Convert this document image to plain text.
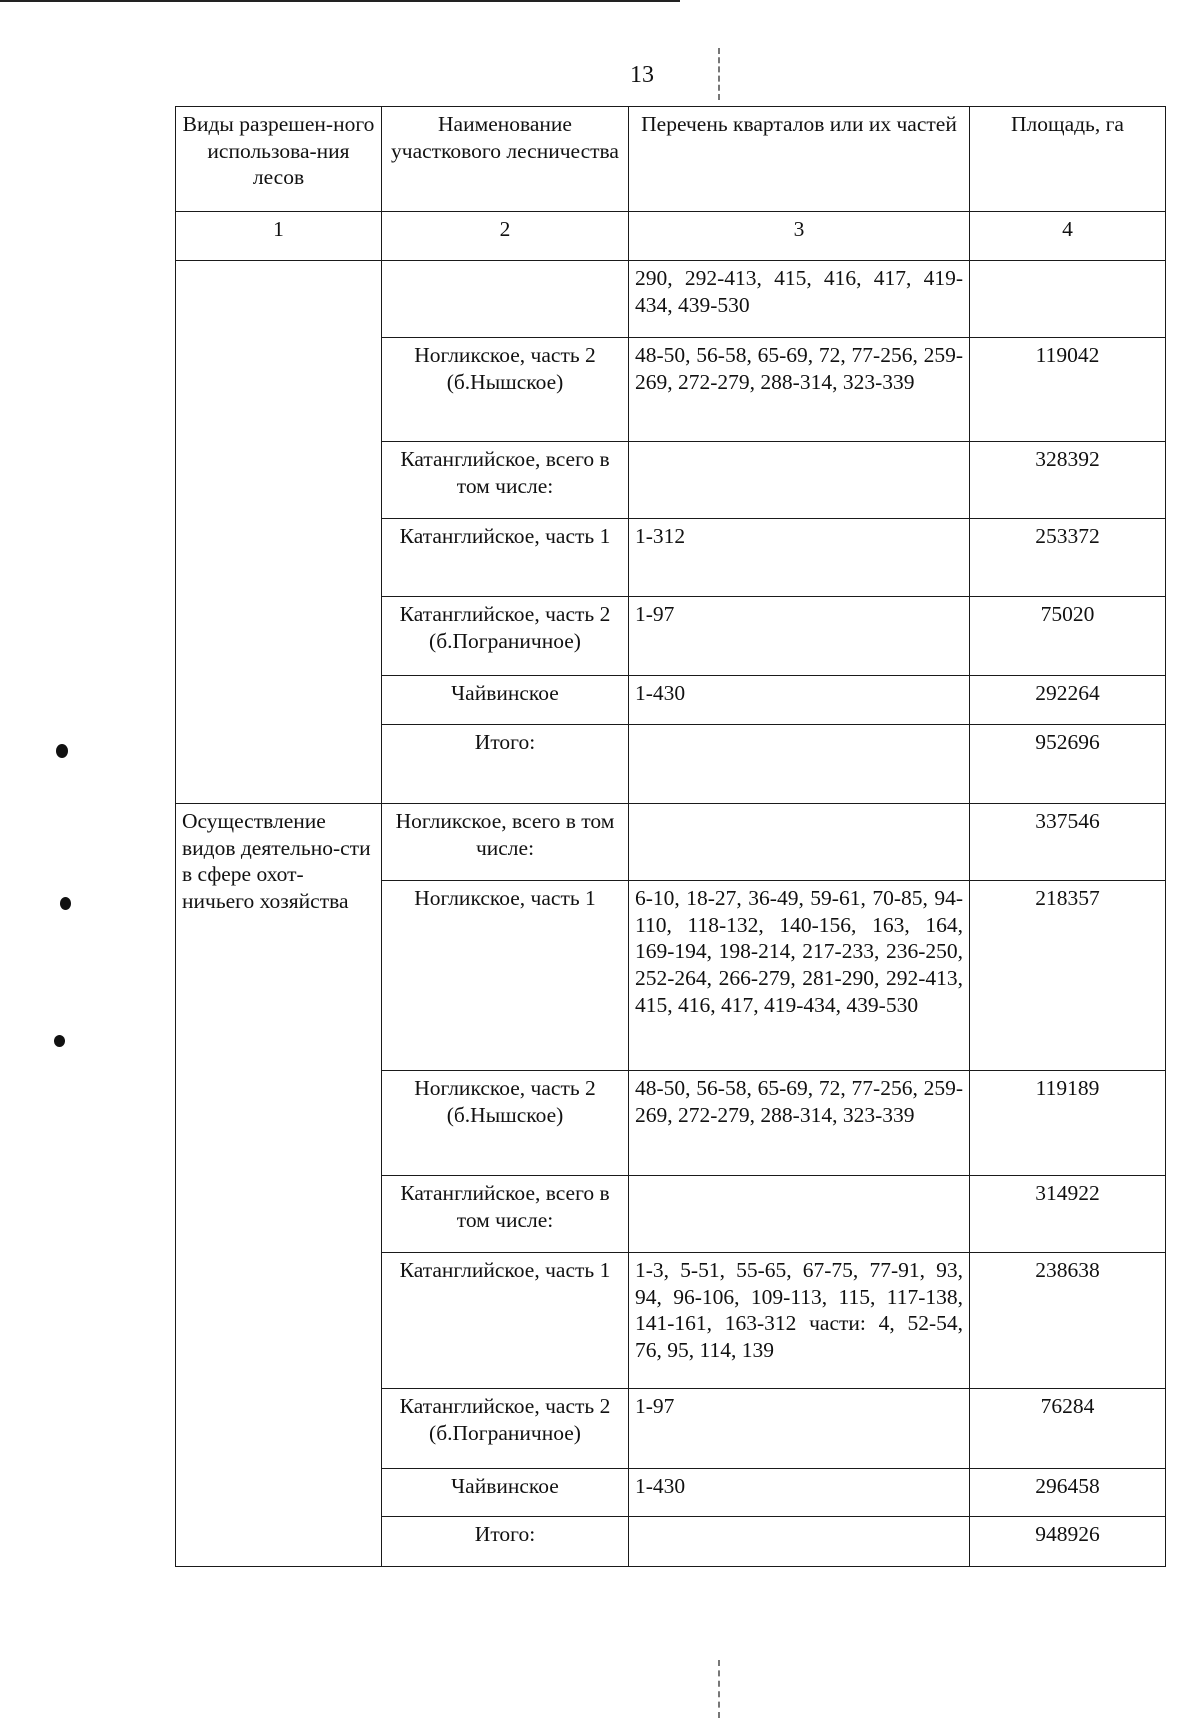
13
Виды разрешен-ного использова-ния лесов	Наименование участкового лесничества	Перечень кварталов или их частей	Площадь, га
1	2	3	4
		290, 292-413, 415, 416, 417, 419-434, 439-530	
	Ногликское, часть 2 (б.Нышское)	48-50, 56-58, 65-69, 72, 77-256, 259-269, 272-279, 288-314, 323-339	119042
	Катанглийское, всего в том числе:		328392
	Катанглийское, часть 1	1-312	253372
	Катанглийское, часть 2 (б.Пограничное)	1-97	75020
	Чайвинское	1-430	292264
	Итого:		952696
Осуществление видов деятельно-сти в сфере охот-ничьего хозяйства	Ногликское, всего в том числе:		337546
	Ногликское, часть 1	6-10, 18-27, 36-49, 59-61, 70-85, 94-110, 118-132, 140-156, 163, 164, 169-194, 198-214, 217-233, 236-250, 252-264, 266-279, 281-290, 292-413, 415, 416, 417, 419-434, 439-530	218357
	Ногликское, часть 2 (б.Нышское)	48-50, 56-58, 65-69, 72, 77-256, 259-269, 272-279, 288-314, 323-339	119189
	Катанглийское, всего в том числе:		314922
	Катанглийское, часть 1	1-3, 5-51, 55-65, 67-75, 77-91, 93, 94, 96-106, 109-113, 115, 117-138, 141-161, 163-312 части: 4, 52-54, 76, 95, 114, 139	238638
	Катанглийское, часть 2 (б.Пограничное)	1-97	76284
	Чайвинское	1-430	296458
	Итого:		948926
